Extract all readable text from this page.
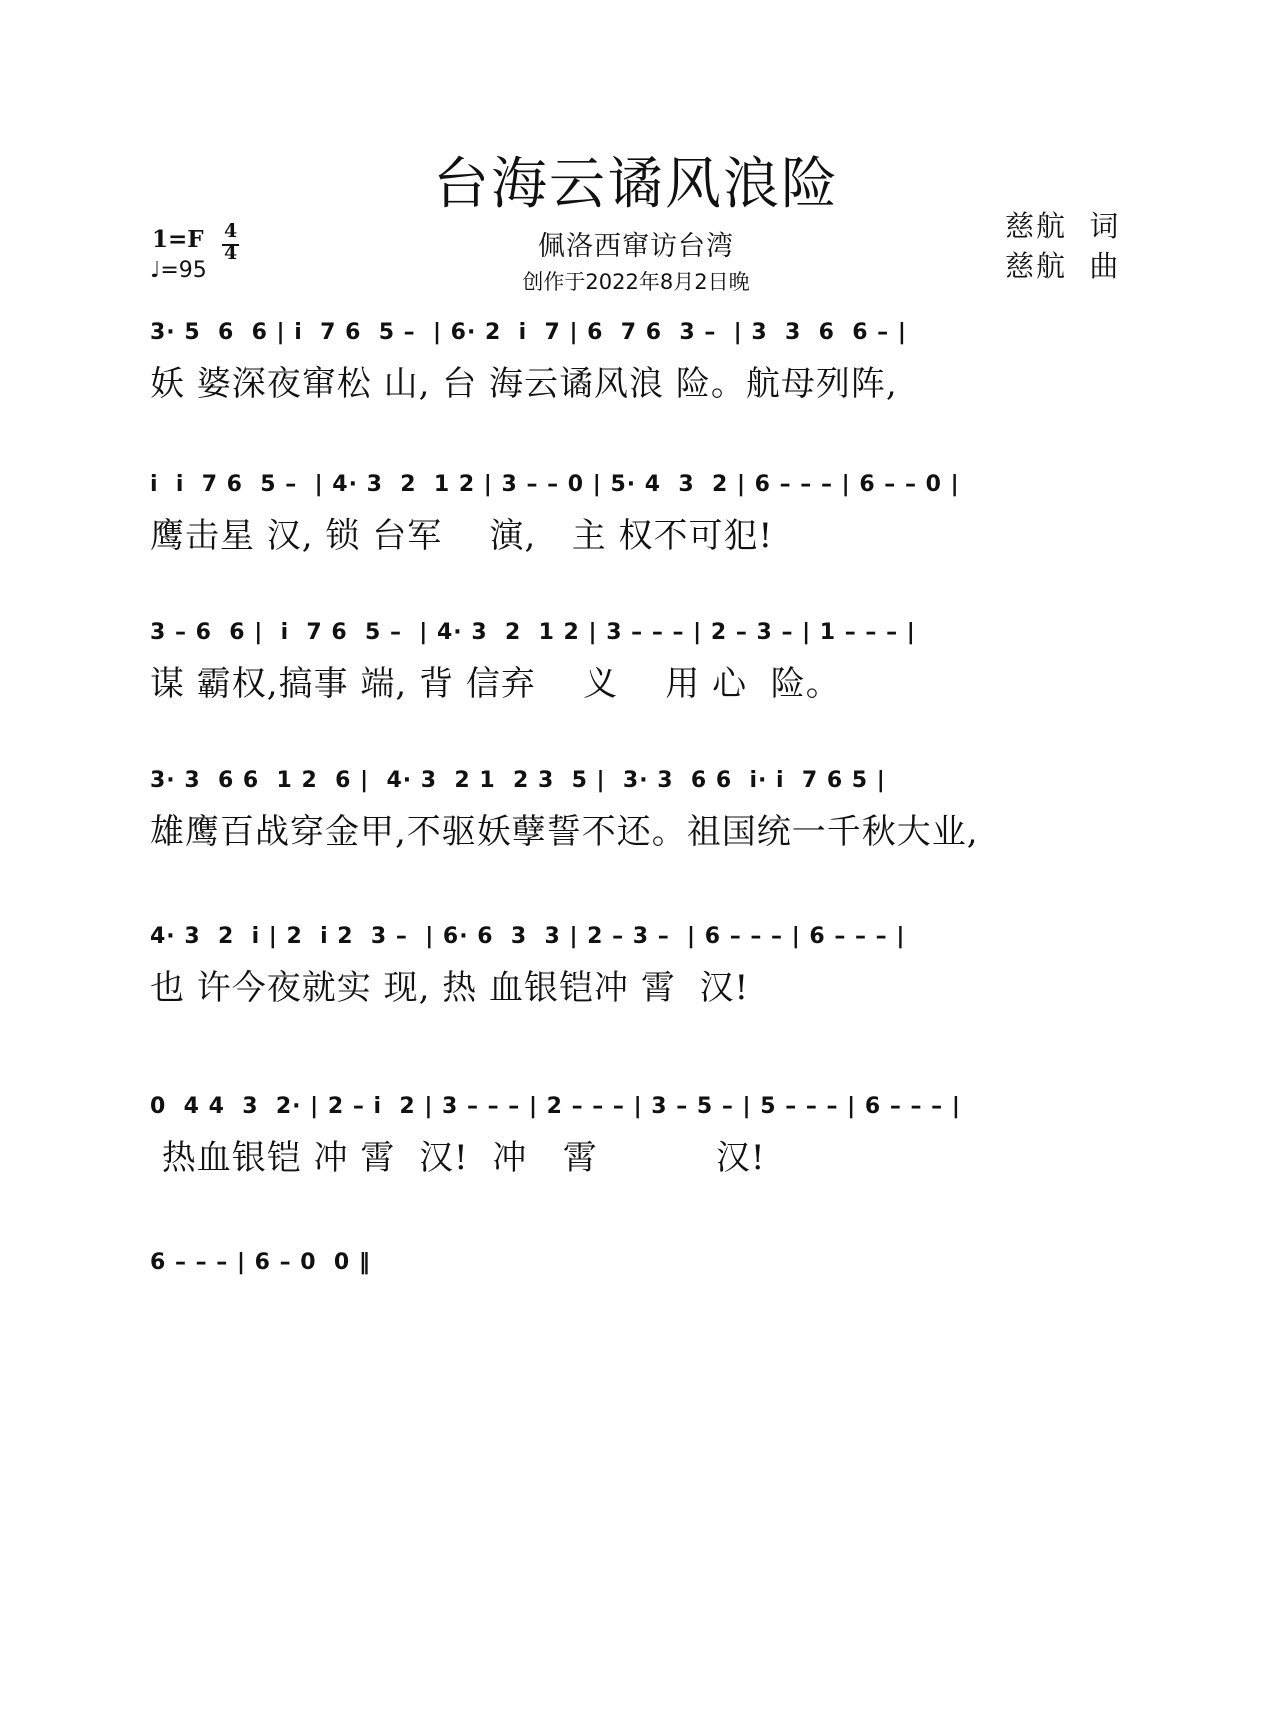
台海云谲风浪险
佩洛西窜访台湾
创作于2022年8月2日晚
慈航  词
慈航  曲
1=F 4
4
♩=95
3· 5  6  6 | i  7 6  5 –  | 6· 2  i  7 | 6  7 6  3 –  | 3  3  6  6 – |
妖 婆深夜窜松 山, 台 海云谲风浪 险。航母列阵,
i  i  7 6  5 –  | 4· 3  2  1 2 | 3 – – 0 | 5· 4  3  2 | 6 – – – | 6 – – 0 |
鹰击星 汉, 锁 台军    演,   主 权不可犯!
3 – 6  6 |  i  7 6  5 –  | 4· 3  2  1 2 | 3 – – – | 2 – 3 – | 1 – – – |
谋 霸权,搞事 端, 背 信弃    义    用 心  险。
3· 3  6 6  1 2  6 |  4· 3  2 1  2 3  5 |  3· 3  6 6  i· i  7 6 5 |
雄鹰百战穿金甲,不驱妖孽誓不还。祖国统一千秋大业,
4· 3  2  i | 2  i 2  3 –  | 6· 6  3  3 | 2 – 3 –  | 6 – – – | 6 – – – |
也 许今夜就实 现, 热 血银铠冲 霄  汉!
0  4 4  3  2· | 2 – i  2 | 3 – – – | 2 – – – | 3 – 5 – | 5 – – – | 6 – – – |
热血银铠 冲 霄  汉!  冲   霄          汉!
6 – – – | 6 – 0  0 ‖
